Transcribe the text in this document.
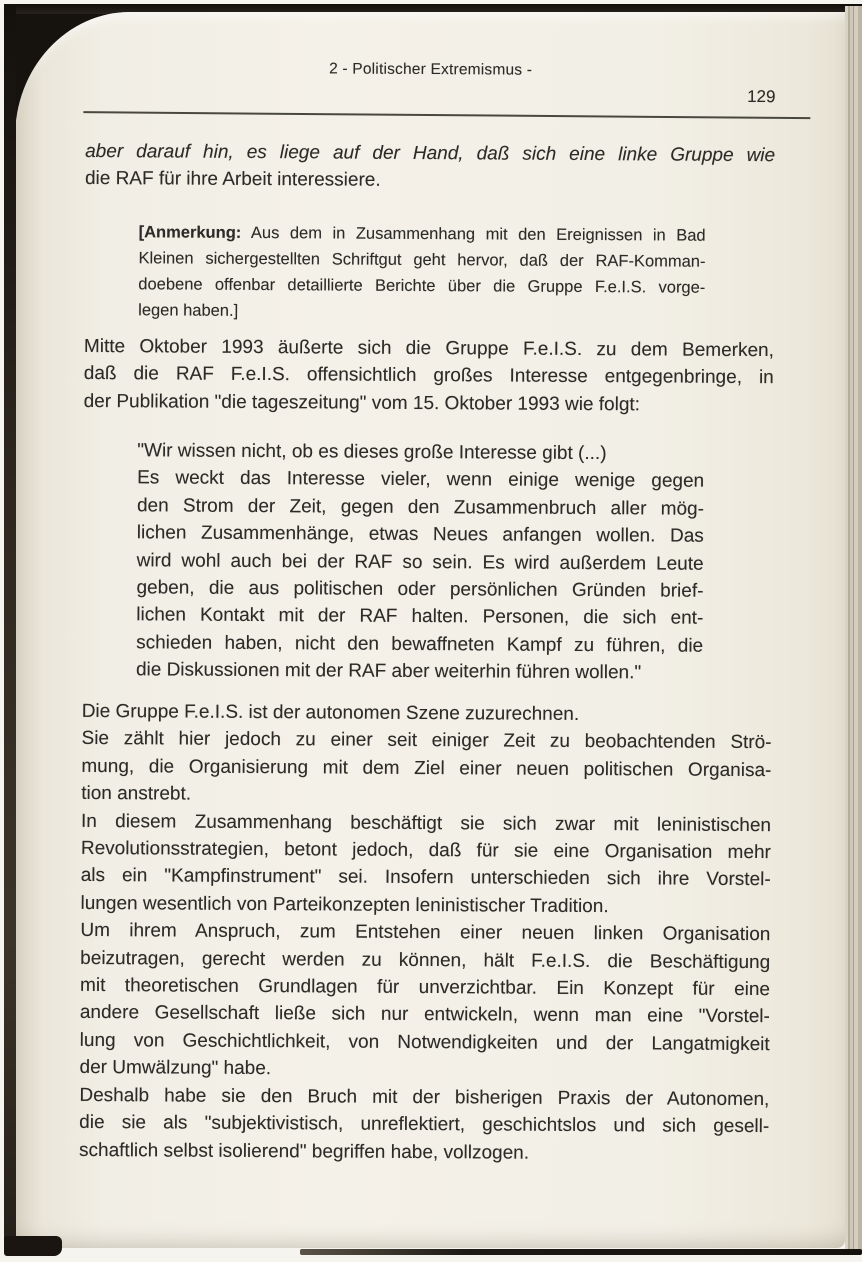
2 - Politischer Extremismus -
129
aber darauf hin, es liege auf der Hand, daß sich eine linke Gruppe wie
die RAF für ihre Arbeit interessiere.
[Anmerkung: Aus dem in Zusammenhang mit den Ereignissen in Bad
Kleinen sichergestellten Schriftgut geht hervor, daß der RAF-Komman-
doebene offenbar detaillierte Berichte über die Gruppe F.e.I.S. vorge-
legen haben.]
Mitte Oktober 1993 äußerte sich die Gruppe F.e.I.S. zu dem Bemerken,
daß die RAF F.e.I.S. offensichtlich großes Interesse entgegenbringe, in
der Publikation "die tageszeitung" vom 15. Oktober 1993 wie folgt:
"Wir wissen nicht, ob es dieses große Interesse gibt (...)
Es weckt das Interesse vieler, wenn einige wenige gegen
den Strom der Zeit, gegen den Zusammenbruch aller mög-
lichen Zusammenhänge, etwas Neues anfangen wollen. Das
wird wohl auch bei der RAF so sein. Es wird außerdem Leute
geben, die aus politischen oder persönlichen Gründen brief-
lichen Kontakt mit der RAF halten. Personen, die sich ent-
schieden haben, nicht den bewaffneten Kampf zu führen, die
die Diskussionen mit der RAF aber weiterhin führen wollen."
Die Gruppe F.e.I.S. ist der autonomen Szene zuzurechnen.
Sie zählt hier jedoch zu einer seit einiger Zeit zu beobachtenden Strö-
mung, die Organisierung mit dem Ziel einer neuen politischen Organisa-
tion anstrebt.
In diesem Zusammenhang beschäftigt sie sich zwar mit leninistischen
Revolutionsstrategien, betont jedoch, daß für sie eine Organisation mehr
als ein "Kampfinstrument" sei. Insofern unterschieden sich ihre Vorstel-
lungen wesentlich von Parteikonzepten leninistischer Tradition.
Um ihrem Anspruch, zum Entstehen einer neuen linken Organisation
beizutragen, gerecht werden zu können, hält F.e.I.S. die Beschäftigung
mit theoretischen Grundlagen für unverzichtbar. Ein Konzept für eine
andere Gesellschaft ließe sich nur entwickeln, wenn man eine "Vorstel-
lung von Geschichtlichkeit, von Notwendigkeiten und der Langatmigkeit
der Umwälzung" habe.
Deshalb habe sie den Bruch mit der bisherigen Praxis der Autonomen,
die sie als "subjektivistisch, unreflektiert, geschichtslos und sich gesell-
schaftlich selbst isolierend" begriffen habe, vollzogen.
